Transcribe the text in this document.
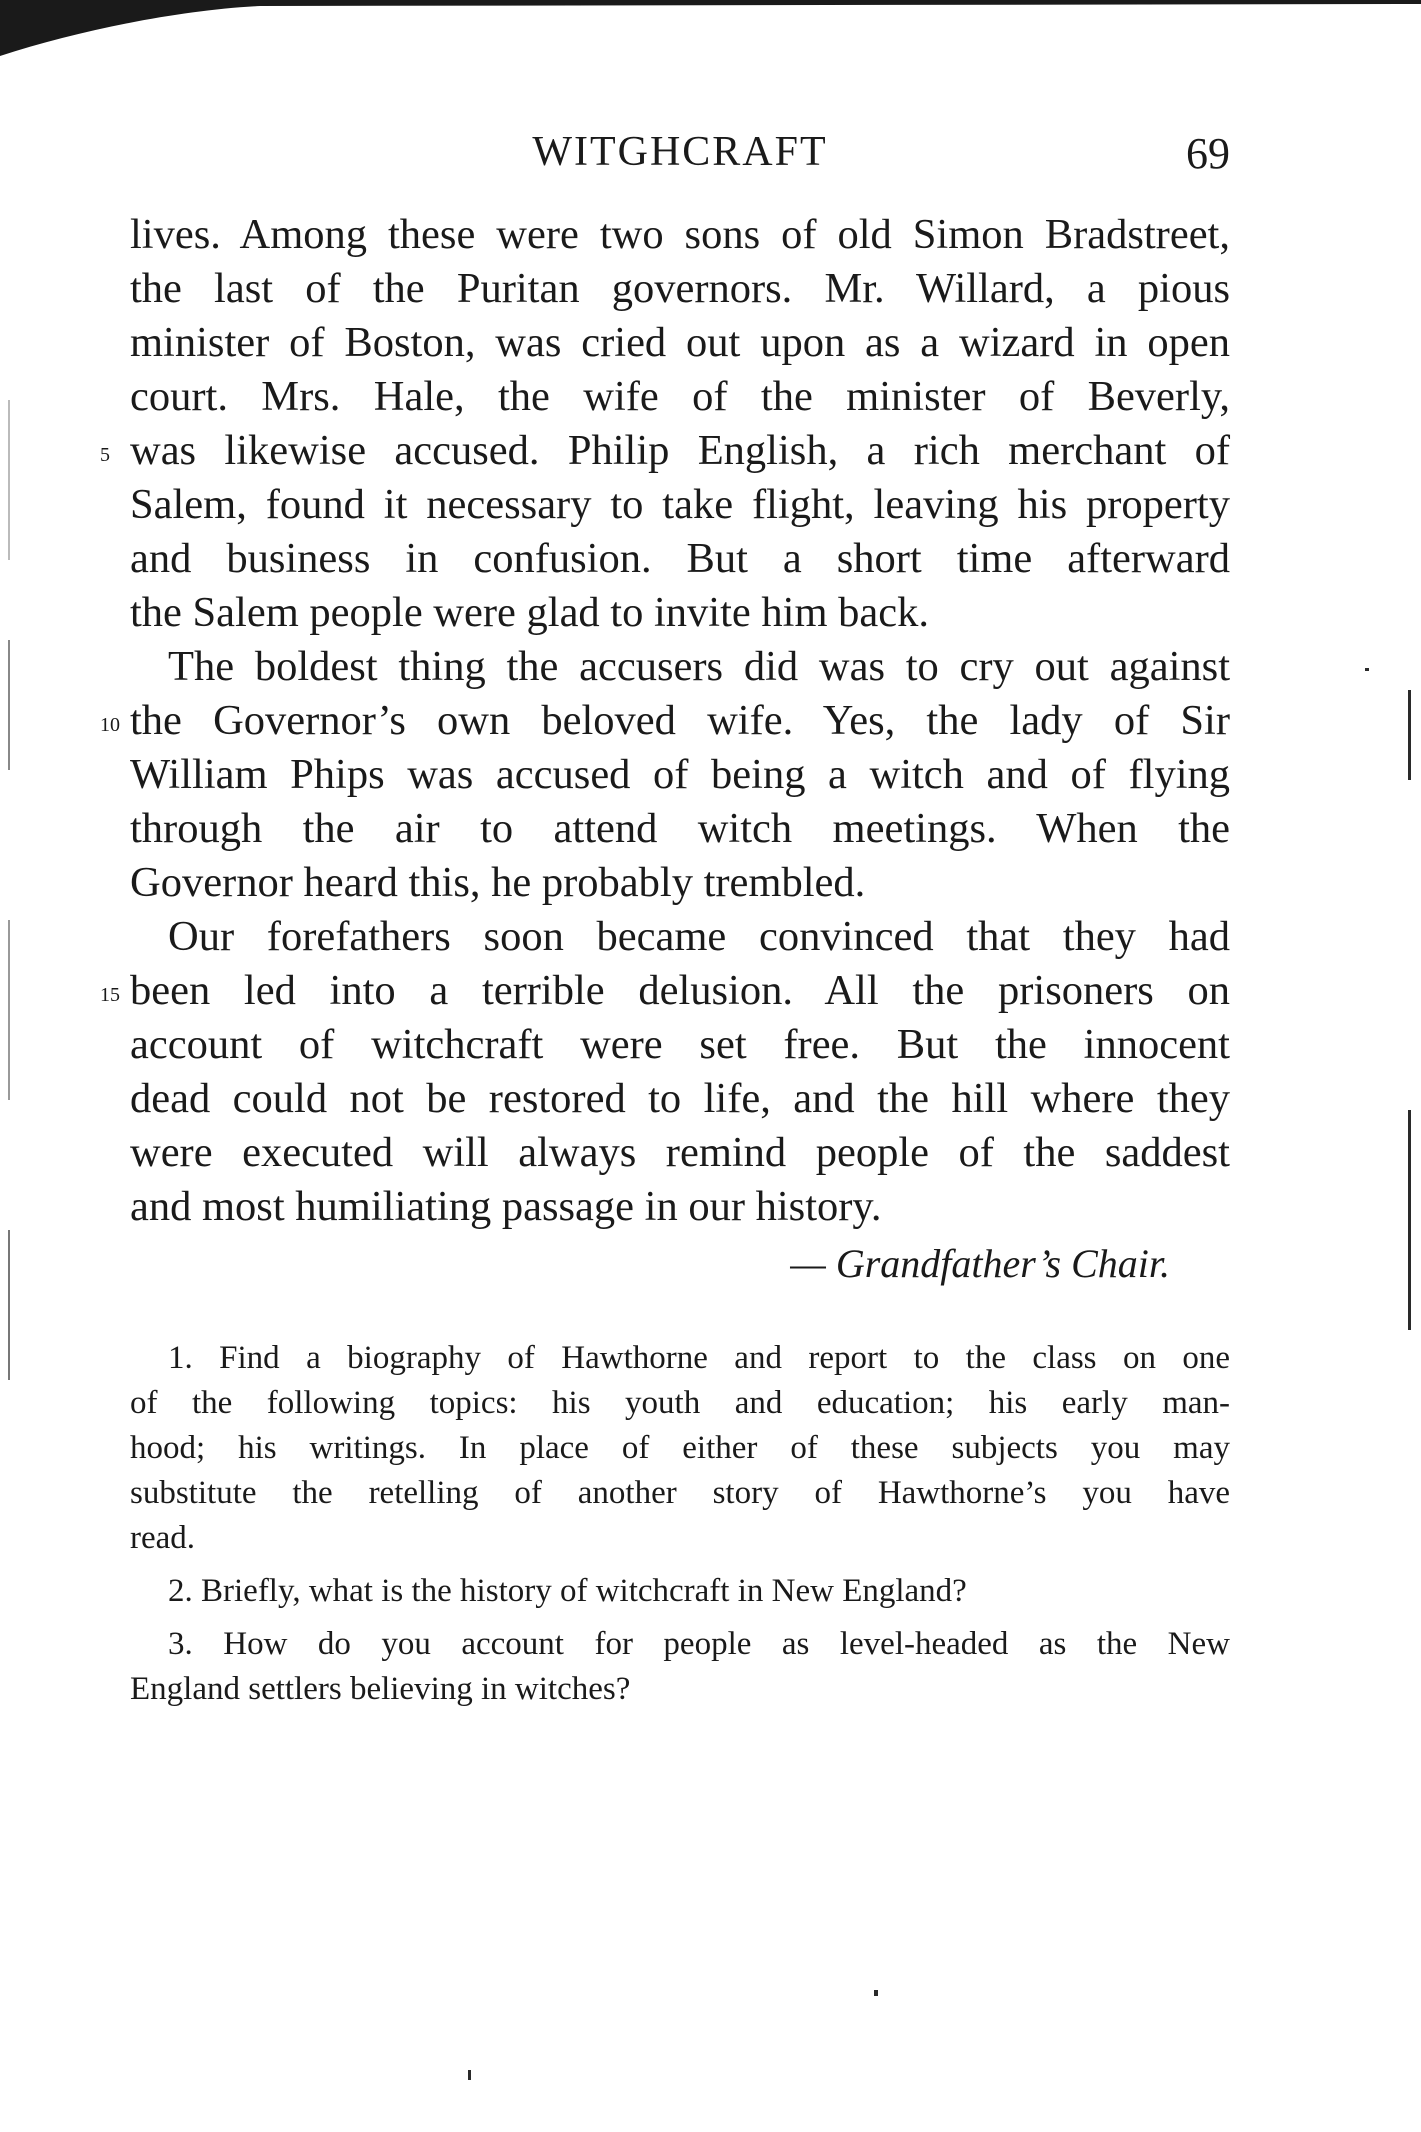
WITGHCRAFT	69
lives. Among these were two sons of old Simon Bradstreet,
the last of the Puritan governors. Mr. Willard, a pious
minister of Boston, was cried out upon as a wizard in open
court. Mrs. Hale, the wife of the minister of Beverly,
5 was likewise accused. Philip English, a rich merchant of
Salem, found it necessary to take flight, leaving his property
and business in confusion. But a short time afterward
the Salem people were glad to invite him back.
The boldest thing the accusers did was to cry out against
10 the Governor’s own beloved wife. Yes, the lady of Sir
William Phips was accused of being a witch and of flying
through the air to attend witch meetings. When the
Governor heard this, he probably trembled.
Our forefathers soon became convinced that they had
15 been led into a terrible delusion. All the prisoners on
account of witchcraft were set free. But the innocent
dead could not be restored to life, and the hill where they
were executed will always remind people of the saddest
and most humiliating passage in our history.
— Grandfather’s Chair.
1. Find a biography of Hawthorne and report to the class on one
of the following topics: his youth and education; his early man-
hood; his writings. In place of either of these subjects you may
substitute the retelling of another story of Hawthorne’s you have
read.
2. Briefly, what is the history of witchcraft in New England?
3. How do you account for people as level-headed as the New
England settlers believing in witches?
